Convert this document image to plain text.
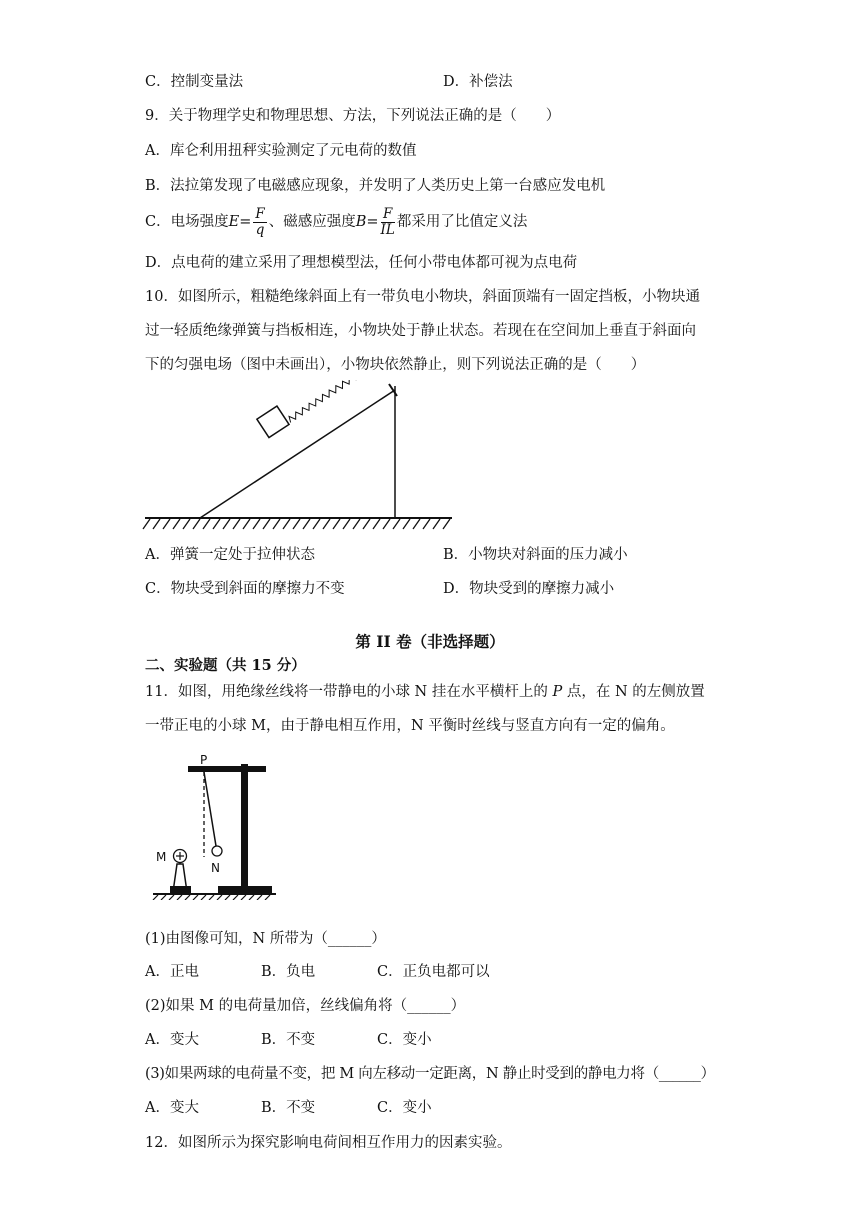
C．控制变量法	D．补偿法
9．关于物理学史和物理思想、方法，下列说法正确的是（　　）
A．库仑利用扭秤实验测定了元电荷的数值
B．法拉第发现了电磁感应现象，并发明了人类历史上第一台感应发电机
C．电场强度$E= \frac{F}{q}$ 、磁感应强度$B= \frac{F}{IL}$ 都采用了比值定义法
D．点电荷的建立采用了理想模型法，任何小带电体都可视为点电荷
10．如图所示，粗糙绝缘斜面上有一带负电小物块，斜面顶端有一固定挡板，小物块通
过一轻质绝缘弹簧与挡板相连，小物块处于静止状态。若现在在空间加上垂直于斜面向
下的匀强电场（图中未画出），小物块依然静止，则下列说法正确的是（　　）
A．弹簧一定处于拉伸状态	B．小物块对斜面的压力减小
C．物块受到斜面的摩擦力不变	D．物块受到的摩擦力减小
第 II 卷（非选择题）
二、实验题（共 15 分）
11．如图，用绝缘丝线将一带静电的小球 N 挂在水平横杆上的 P 点，在 N 的左侧放置
一带正电的小球 M，由于静电相互作用，N 平衡时丝线与竖直方向有一定的偏角。
P
N
M
(1)由图像可知，N 所带为（______）
A．正电	B．负电	C．正负电都可以
(2)如果 M 的电荷量加倍，丝线偏角将（______）
A．变大	B．不变	C．变小
(3)如果两球的电荷量不变，把 M 向左移动一定距离，N 静止时受到的静电力将（______）
A．变大	B．不变	C．变小
12．如图所示为探究影响电荷间相互作用力的因素实验。
